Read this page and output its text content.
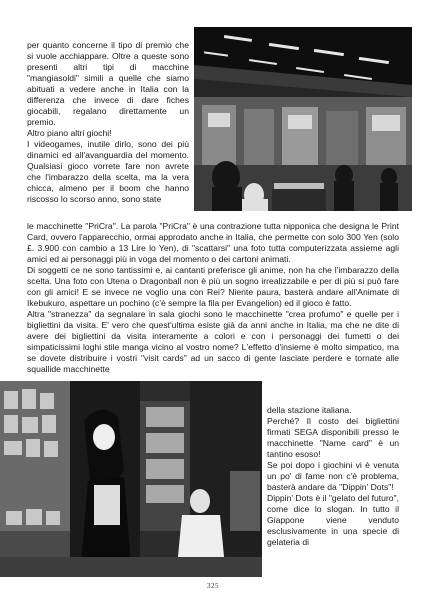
per quanto concerne il tipo di premio che si vuole acchiappare. Oltre a queste sono presenti altri tipi di macchine "mangiasoldi" simili a quelle che siamo abituati a vedere anche in Italia con la differenza che invece di dare fiches giocabili, regalano direttamente un premio.

Altro piano altri giochi!

I videogames, inutile dirlo, sono dei più dinamici ed all'avanguardia del momento. Qualsiasi gioco vorrete fare non avrete che l'imbarazzo della scelta, ma la vera chicca, almeno per il boom che hanno riscosso lo scorso anno, sono state

le macchinette "PriCra". La parola "PriCra" è una contrazione tutta nipponica che designa le Print Card, ovvero l'apparecchio, ormai approdato anche in Italia, che permette con solo 300 Yen (solo £. 3.900 con cambio a 13 Lire lo Yen), di "scattarsi" una foto tutta computerizzata assieme agli amici ed ai personaggi più in voga del momento o dei cartoni animati.

Di soggetti ce ne sono tantissimi e, ai cantanti preferisce gli anime, non ha che l'imbarazzo della scelta. Una foto con Utena o Dragonball non è più un sogno irrealizzabile e per di più si può fare con gli amici! E se invece ne voglio una con Rei? Niente paura, basterà andare all'Animate di Ikebukuro, aspettare un pochino (c'è sempre la fila per Evangelion) ed il gioco è fatto.

Altra "stranezza" da segnalare in sala giochi sono le macchinette "crea profumo" e quelle per i bigliettini da visita. E' vero che quest'ultima esiste già da anni anche in Italia, ma che ne dite di avere dei bigliettini da visita interamente a colori e con i personaggi dei fumetti o dei simpaticissimi loghi stile manga vicino al vostro nome? L'effetto d'insieme è molto simpatico, ma se dovete distribuire i vostri "visit cards" ad un sacco di gente lasciate perdere e tornate alle squallide macchinette

della stazione italiana.

Perché? Il costo dei bigliettini firmati SEGA disponibili presso le macchinette "Name card" è un tantino esoso!

Se poi dopo i giochini vi è venuta un po' di fame non c'è problema, basterà andare da "Dippin' Dots"!

Dippin' Dots è il "gelato del futuro", come dice lo slogan. In tutto il Giappone viene venduto esclusivamente in una specie di gelateria di

325
